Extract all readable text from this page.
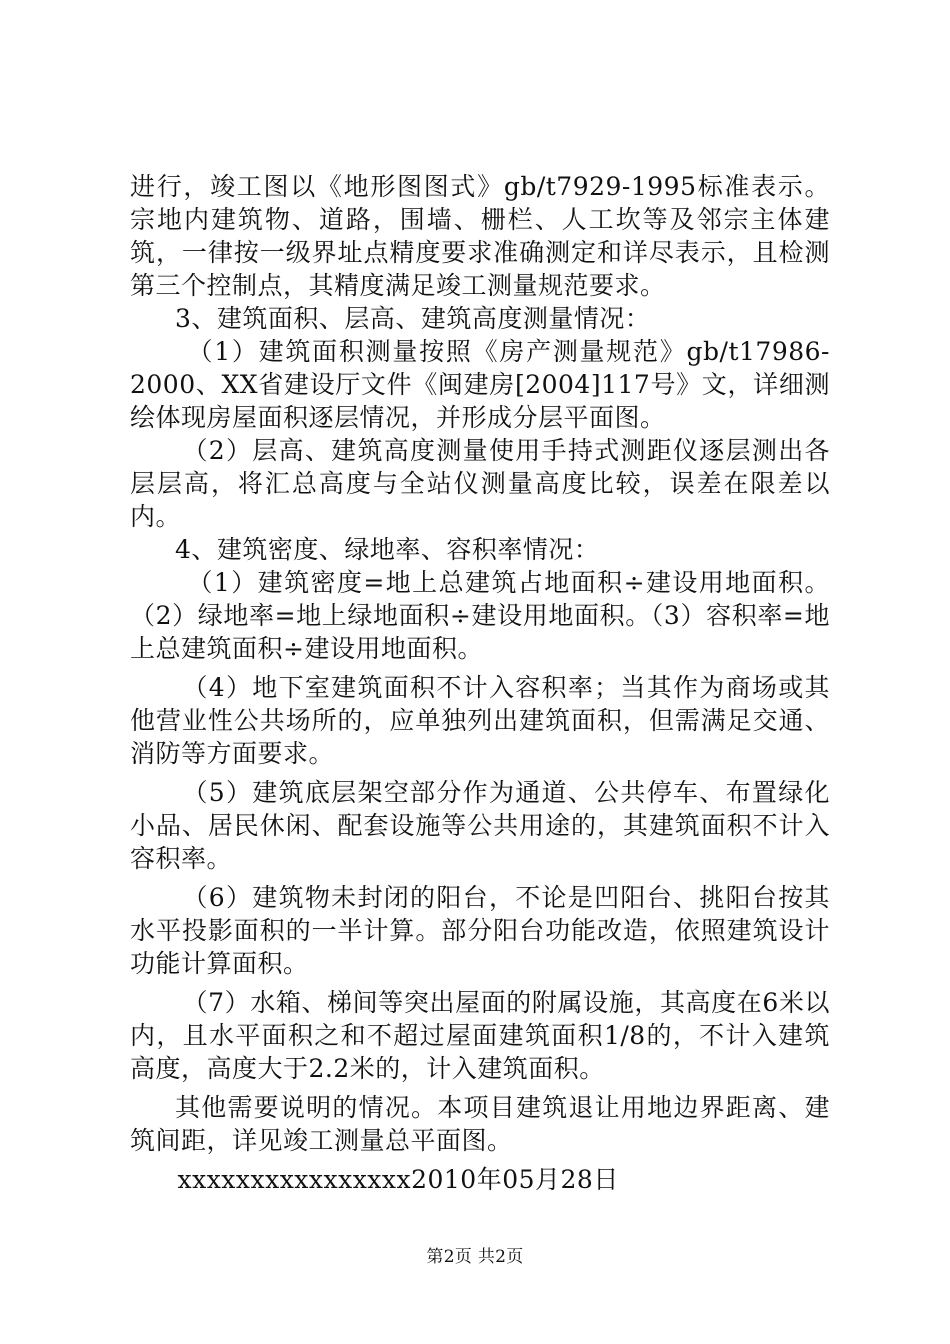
进行，竣工图以《地形图图式》gb/t7929-1995标准表示。宗地内建筑物、道路，围墙、栅栏、人工坎等及邻宗主体建筑，一律按一级界址点精度要求准确测定和详尽表示，且检测第三个控制点，其精度满足竣工测量规范要求。

3、建筑面积、层高、建筑高度测量情况：

（1）建筑面积测量按照《房产测量规范》gb/t17986-2000、XX省建设厅文件《闽建房[2004]117号》文，详细测绘体现房屋面积逐层情况，并形成分层平面图。

（2）层高、建筑高度测量使用手持式测距仪逐层测出各层层高，将汇总高度与全站仪测量高度比较，误差在限差以内。

4、建筑密度、绿地率、容积率情况：

（1）建筑密度=地上总建筑占地面积÷建设用地面积。（2）绿地率=地上绿地面积÷建设用地面积。（3）容积率=地上总建筑面积÷建设用地面积。

（4）地下室建筑面积不计入容积率；当其作为商场或其他营业性公共场所的，应单独列出建筑面积，但需满足交通、消防等方面要求。

（5）建筑底层架空部分作为通道、公共停车、布置绿化小品、居民休闲、配套设施等公共用途的，其建筑面积不计入容积率。

（6）建筑物未封闭的阳台，不论是凹阳台、挑阳台按其水平投影面积的一半计算。部分阳台功能改造，依照建筑设计功能计算面积。

（7）水箱、梯间等突出屋面的附属设施，其高度在6米以内，且水平面积之和不超过屋面建筑面积1/8的，不计入建筑高度，高度大于2.2米的，计入建筑面积。

其他需要说明的情况。本项目建筑退让用地边界距离、建筑间距，详见竣工测量总平面图。

xxxxxxxxxxxxxxxx2010年05月28日

第2页 共2页
